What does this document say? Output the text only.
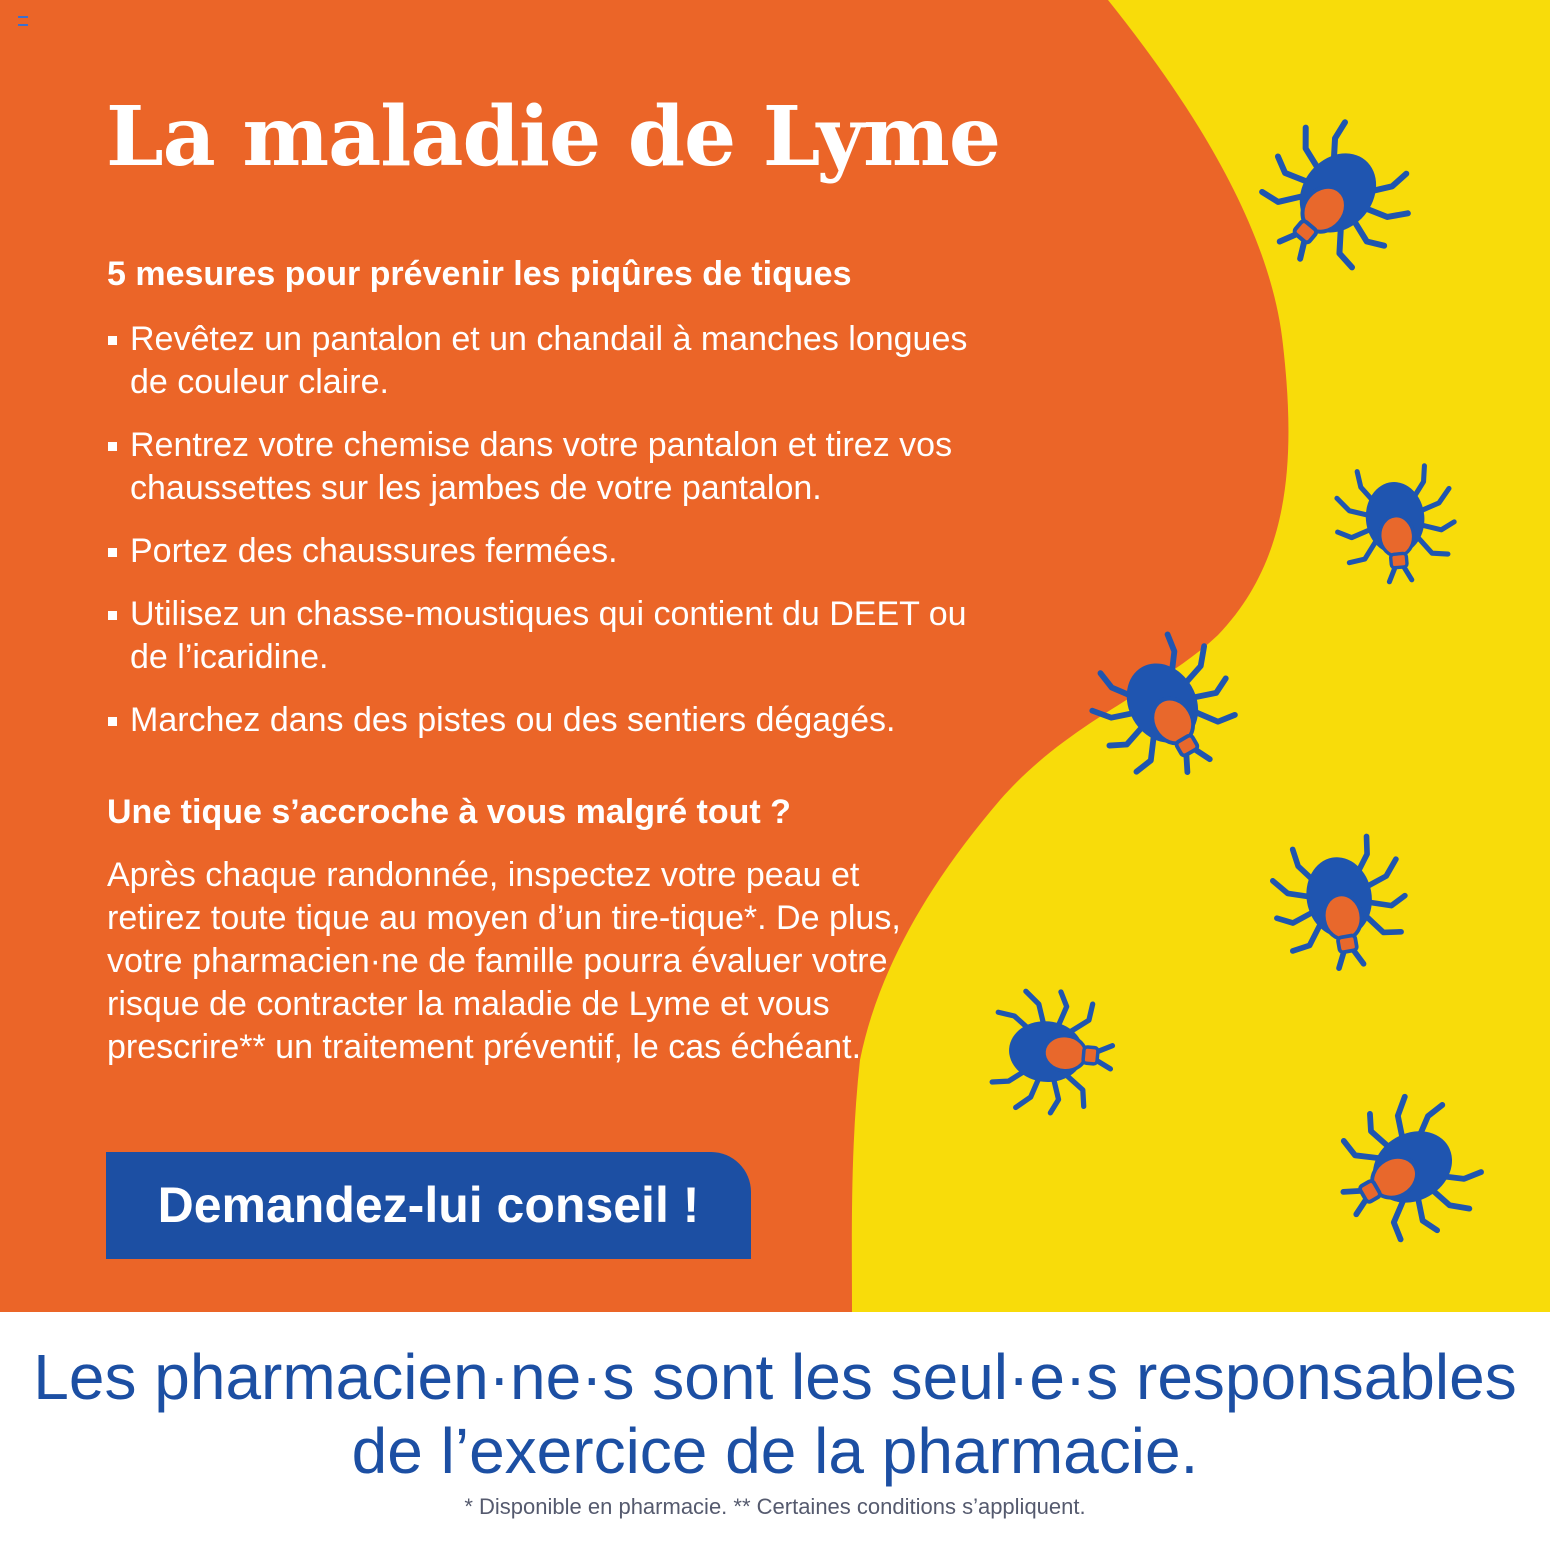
La maladie de Lyme
5 mesures pour prévenir les piqûres de tiques
Revêtez un pantalon et un chandail à manches longues de couleur claire.
Rentrez votre chemise dans votre pantalon et tirez vos chaussettes sur les jambes de votre pantalon.
Portez des chaussures fermées.
Utilisez un chasse-moustiques qui contient du DEET ou de l’icaridine.
Marchez dans des pistes ou des sentiers dégagés.
Une tique s’accroche à vous malgré tout ?

Après chaque randonnée, inspectez votre peau et retirez toute tique au moyen d’un tire-tique*. De plus, votre pharmacien·ne de famille pourra évaluer votre risque de contracter la maladie de Lyme et vous prescrire** un traitement préventif, le cas échéant.

Demandez-lui conseil !

Les pharmacien·ne·s sont les seul·e·s responsables de l’exercice de la pharmacie.

* Disponible en pharmacie. ** Certaines conditions s’appliquent.
